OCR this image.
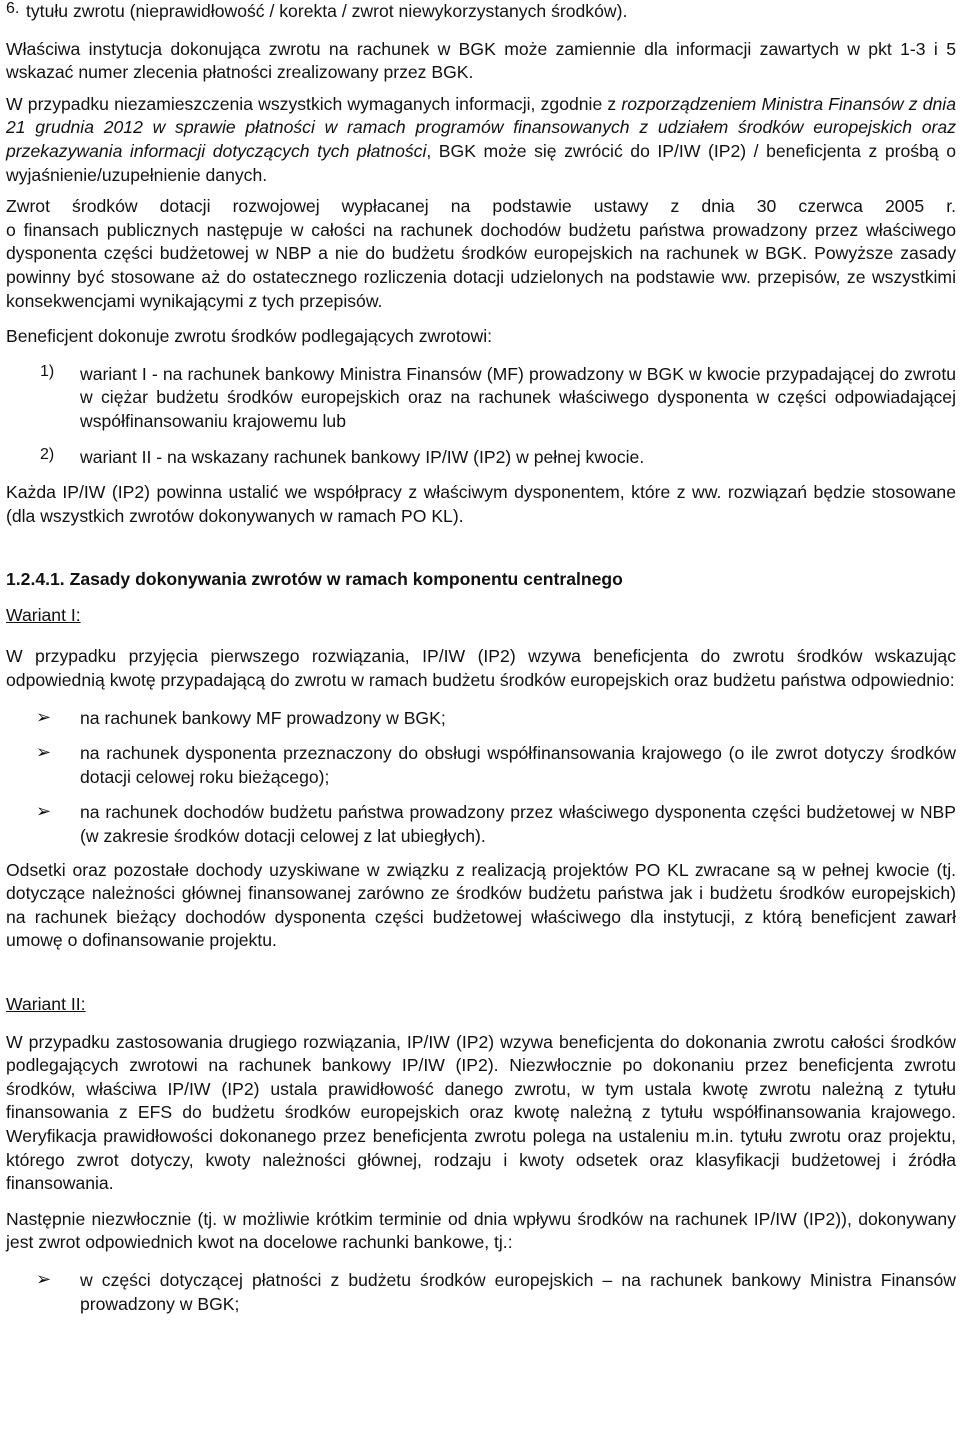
6. tytułu zwrotu (nieprawidłowość / korekta / zwrot niewykorzystanych środków).

Właściwa instytucja dokonująca zwrotu na rachunek w BGK może zamiennie dla informacji zawartych w pkt 1-3 i 5 wskazać numer zlecenia płatności zrealizowany przez BGK.

W przypadku niezamieszczenia wszystkich wymaganych informacji, zgodnie z rozporządzeniem Ministra Finansów z dnia 21 grudnia 2012 w sprawie płatności w ramach programów finansowanych z udziałem środków europejskich oraz przekazywania informacji dotyczących tych płatności, BGK może się zwrócić do IP/IW (IP2) / beneficjenta z prośbą o wyjaśnienie/uzupełnienie danych.

Zwrot środków dotacji rozwojowej wypłacanej na podstawie ustawy z dnia 30 czerwca 2005 r.
o finansach publicznych następuje w całości na rachunek dochodów budżetu państwa prowadzony przez właściwego dysponenta części budżetowej w NBP a nie do budżetu środków europejskich na rachunek w BGK. Powyższe zasady powinny być stosowane aż do ostatecznego rozliczenia dotacji udzielonych na podstawie ww. przepisów, ze wszystkimi konsekwencjami wynikającymi z tych przepisów.

Beneficjent dokonuje zwrotu środków podlegających zwrotowi:

1)	wariant I - na rachunek bankowy Ministra Finansów (MF) prowadzony w BGK w kwocie przypadającej do zwrotu w ciężar budżetu środków europejskich oraz na rachunek właściwego dysponenta w części odpowiadającej współfinansowaniu krajowemu lub

2)	wariant II - na wskazany rachunek bankowy IP/IW (IP2) w pełnej kwocie.

Każda IP/IW (IP2) powinna ustalić we współpracy z właściwym dysponentem, które z ww. rozwiązań będzie stosowane (dla wszystkich zwrotów dokonywanych w ramach PO KL).

1.2.4.1. Zasady dokonywania zwrotów w ramach komponentu centralnego

Wariant I:

W przypadku przyjęcia pierwszego rozwiązania, IP/IW (IP2) wzywa beneficjenta do zwrotu środków wskazując odpowiednią kwotę przypadającą do zwrotu w ramach budżetu środków europejskich oraz budżetu państwa odpowiednio:

➢	na rachunek bankowy MF prowadzony w BGK;

➢	na rachunek dysponenta przeznaczony do obsługi współfinansowania krajowego (o ile zwrot dotyczy środków dotacji celowej roku bieżącego);

➢	na rachunek dochodów budżetu państwa prowadzony przez właściwego dysponenta części budżetowej w NBP (w zakresie środków dotacji celowej z lat ubiegłych).

Odsetki oraz pozostałe dochody uzyskiwane w związku z realizacją projektów PO KL zwracane są w pełnej kwocie (tj. dotyczące należności głównej finansowanej zarówno ze środków budżetu państwa jak i budżetu środków europejskich) na rachunek bieżący dochodów dysponenta części budżetowej właściwego dla instytucji, z którą beneficjent zawarł umowę o dofinansowanie projektu.

Wariant II:

W przypadku zastosowania drugiego rozwiązania, IP/IW (IP2) wzywa beneficjenta do dokonania zwrotu całości środków podlegających zwrotowi na rachunek bankowy IP/IW (IP2). Niezwłocznie po dokonaniu przez beneficjenta zwrotu środków, właściwa IP/IW (IP2) ustala prawidłowość danego zwrotu, w tym ustala kwotę zwrotu należną z tytułu finansowania z EFS do budżetu środków europejskich oraz kwotę należną z tytułu współfinansowania krajowego. Weryfikacja prawidłowości dokonanego przez beneficjenta zwrotu polega na ustaleniu m.in. tytułu zwrotu oraz projektu, którego zwrot dotyczy, kwoty należności głównej, rodzaju i kwoty odsetek oraz klasyfikacji budżetowej i źródła finansowania.

Następnie niezwłocznie (tj. w możliwie krótkim terminie od dnia wpływu środków na rachunek IP/IW (IP2)), dokonywany jest zwrot odpowiednich kwot na docelowe rachunki bankowe, tj.:

➢	w części dotyczącej płatności z budżetu środków europejskich – na rachunek bankowy Ministra Finansów prowadzony w BGK;
